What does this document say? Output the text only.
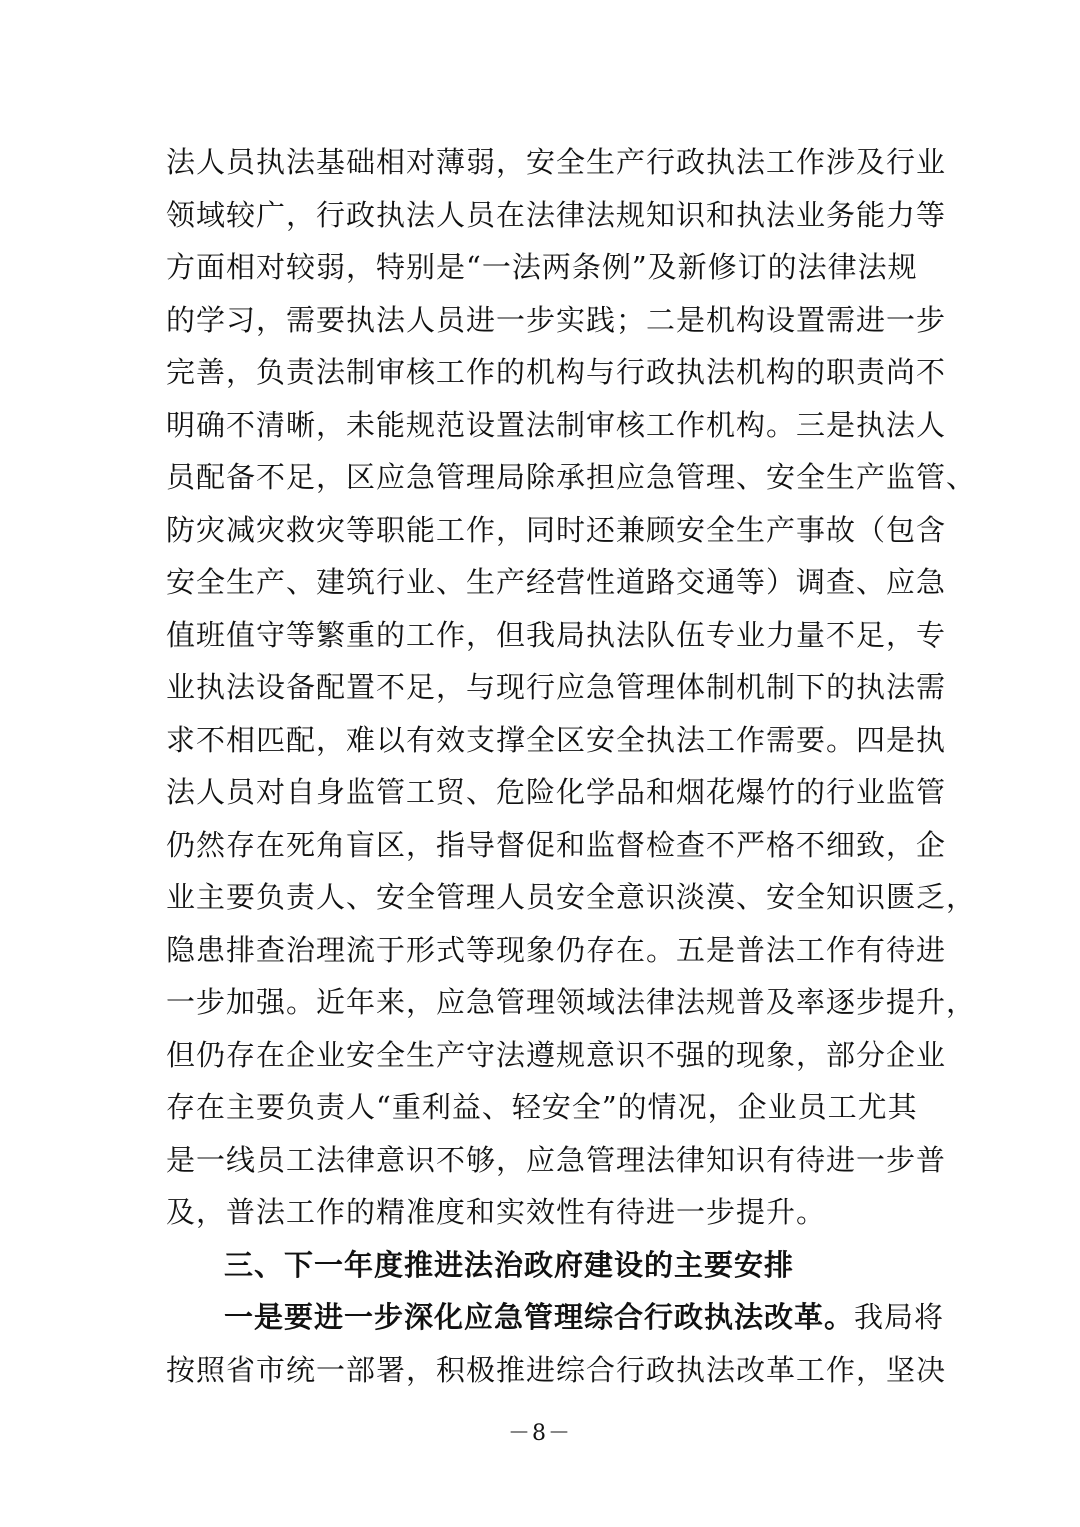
法人员执法基础相对薄弱，安全生产行政执法工作涉及行业
领域较广，行政执法人员在法律法规知识和执法业务能力等
方面相对较弱，特别是“一法两条例”及新修订的法律法规
的学习，需要执法人员进一步实践；二是机构设置需进一步
完善，负责法制审核工作的机构与行政执法机构的职责尚不
明确不清晰，未能规范设置法制审核工作机构。三是执法人
员配备不足，区应急管理局除承担应急管理、安全生产监管、
防灾减灾救灾等职能工作，同时还兼顾安全生产事故（包含
安全生产、建筑行业、生产经营性道路交通等）调查、应急
值班值守等繁重的工作，但我局执法队伍专业力量不足，专
业执法设备配置不足，与现行应急管理体制机制下的执法需
求不相匹配，难以有效支撑全区安全执法工作需要。四是执
法人员对自身监管工贸、危险化学品和烟花爆竹的行业监管
仍然存在死角盲区，指导督促和监督检查不严格不细致，企
业主要负责人、安全管理人员安全意识淡漠、安全知识匮乏，
隐患排查治理流于形式等现象仍存在。五是普法工作有待进
一步加强。近年来，应急管理领域法律法规普及率逐步提升，
但仍存在企业安全生产守法遵规意识不强的现象，部分企业
存在主要负责人“重利益、轻安全”的情况，企业员工尤其
是一线员工法律意识不够，应急管理法律知识有待进一步普
及，普法工作的精准度和实效性有待进一步提升。
三、下一年度推进法治政府建设的主要安排
一是要进一步深化应急管理综合行政执法改革。我局将
按照省市统一部署，积极推进综合行政执法改革工作，坚决
－8－
